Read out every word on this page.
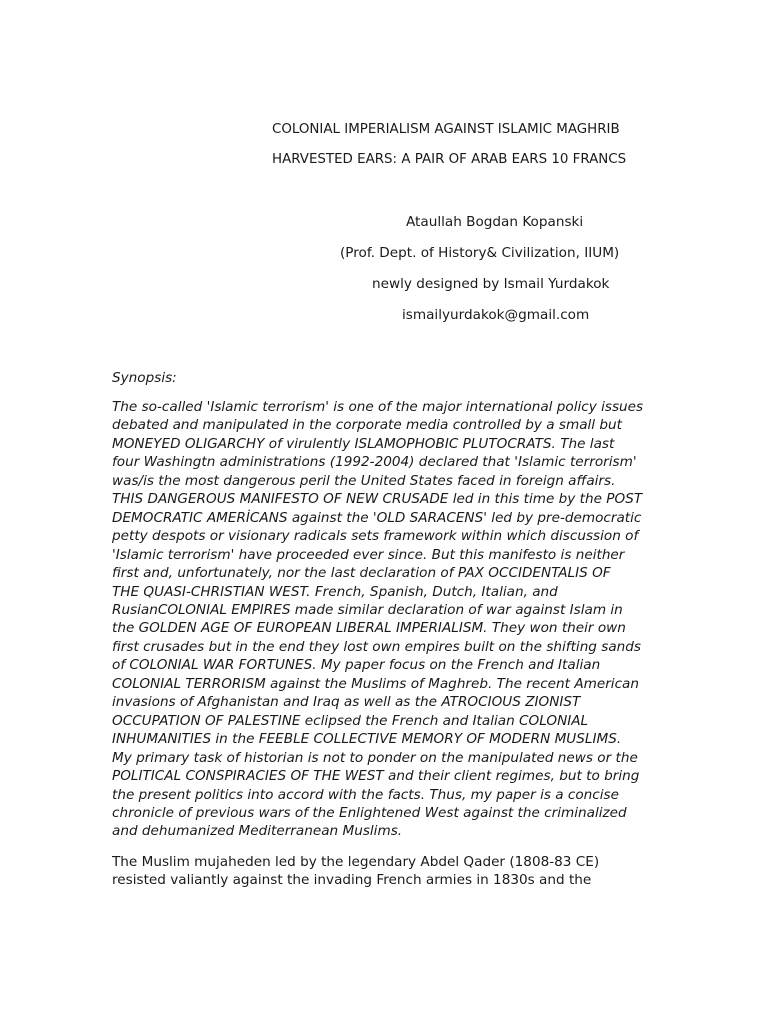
COLONIAL IMPERIALISM AGAINST ISLAMIC MAGHRIB
HARVESTED EARS: A PAIR OF ARAB EARS 10 FRANCS
Ataullah Bogdan Kopanski
(Prof. Dept. of History& Civilization, IIUM)
newly designed by Ismail Yurdakok
ismailyurdakok@gmail.com
Synopsis:
The so-called 'Islamic terrorism' is one of the major international policy issues
debated and manipulated in the corporate media controlled by a small but
MONEYED OLIGARCHY of virulently ISLAMOPHOBIC PLUTOCRATS. The last
four Washingtn administrations (1992-2004) declared that 'Islamic terrorism'
was/is the most dangerous peril the United States faced in foreign affairs.
THIS DANGEROUS MANIFESTO OF NEW CRUSADE led in this time by the POST
DEMOCRATIC AMERİCANS against the 'OLD SARACENS' led by pre-democratic
petty despots or visionary radicals sets framework within which discussion of
'Islamic terrorism' have proceeded ever since. But this manifesto is neither
first and, unfortunately, nor the last declaration of PAX OCCIDENTALIS OF
THE QUASI-CHRISTIAN WEST. French, Spanish, Dutch, Italian, and
RusianCOLONIAL EMPIRES made similar declaration of war against Islam in
the GOLDEN AGE OF EUROPEAN LIBERAL IMPERIALISM. They won their own
first crusades but in the end they lost own empires built on the shifting sands
of COLONIAL WAR FORTUNES. My paper focus on the French and Italian
COLONIAL TERRORISM against the Muslims of Maghreb. The recent American
invasions of Afghanistan and Iraq as well as the ATROCIOUS ZIONIST
OCCUPATION OF PALESTINE eclipsed the French and Italian COLONIAL
INHUMANITIES in the FEEBLE COLLECTIVE MEMORY OF MODERN MUSLIMS.
My primary task of historian is not to ponder on the manipulated news or the
POLITICAL CONSPIRACIES OF THE WEST and their client regimes, but to bring
the present politics into accord with the facts. Thus, my paper is a concise
chronicle of previous wars of the Enlightened West against the criminalized
and dehumanized Mediterranean Muslims.
The Muslim mujaheden led by the legendary Abdel Qader (1808-83 CE)
resisted valiantly against the invading French armies in 1830s and the
